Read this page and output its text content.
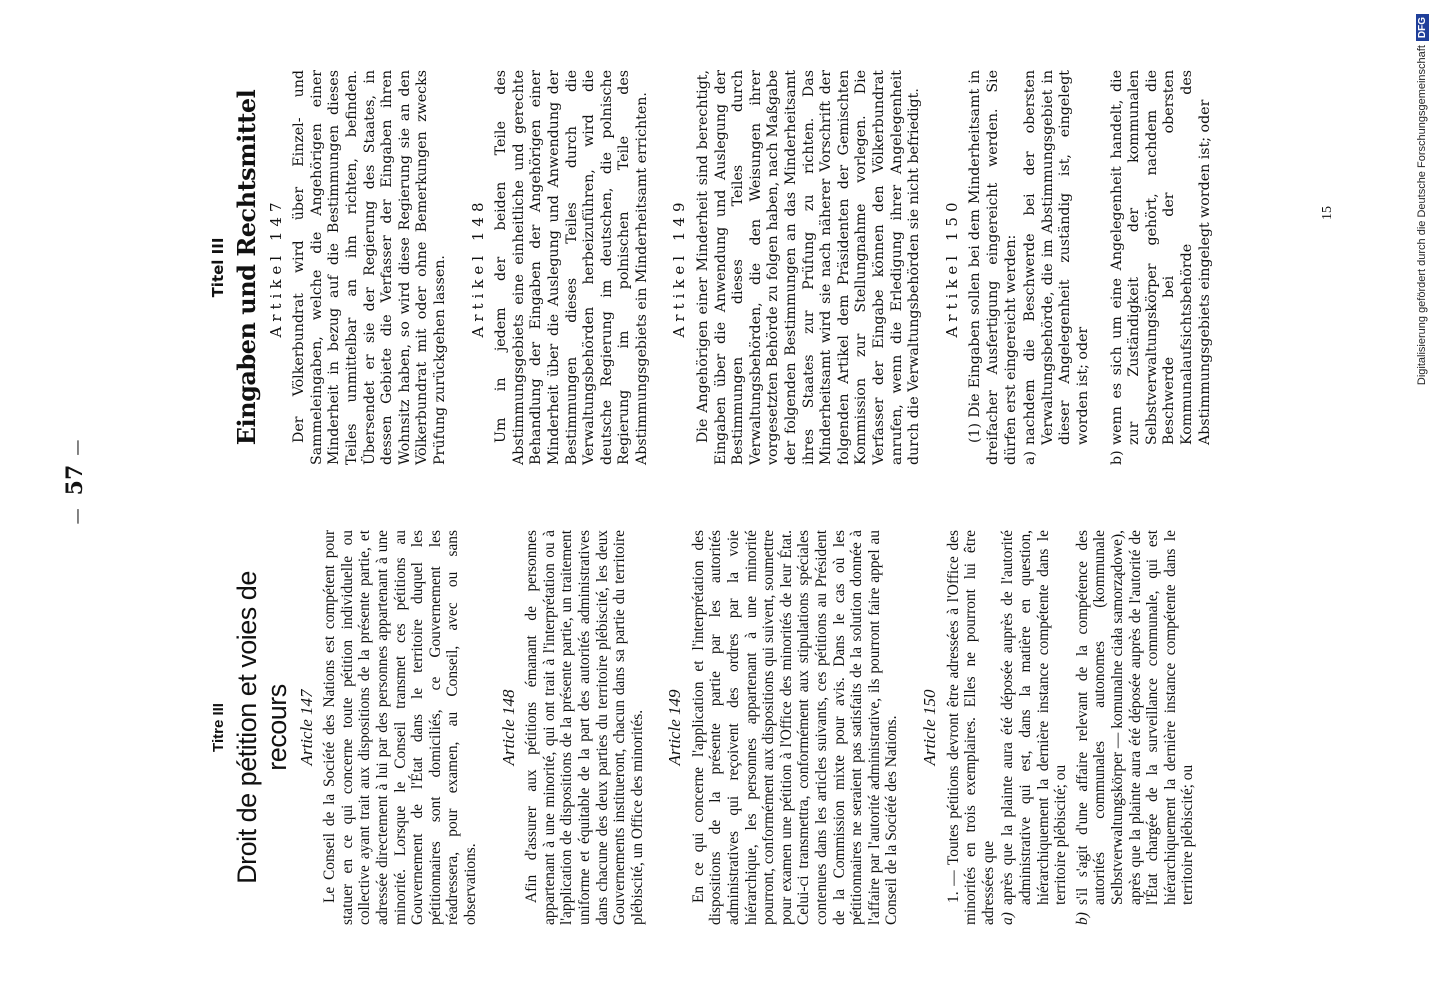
— 57 —
Titre III Droit de pétition et voies de recours Article 147 Le Conseil de la Société des Nations est compétent pour statuer en ce qui concerne toute pétition individuelle ou collective ayant trait aux dispositions de la présente partie, et adressée directement à lui par des personnes appartenant à une minorité. Lorsque le Conseil transmet ces pétitions au Gouvernement de l'État dans le territoire duquel les pétitionnaires sont domiciliés, ce Gouvernement les réadressera, pour examen, au Conseil, avec ou sans observations.

Article 148 Afin d'assurer aux pétitions émanant de personnes appartenant à une minorité, qui ont trait à l'interprétation ou à l'application de dispositions de la présente partie, un traitement uniforme et équitable de la part des autorités administratives dans chacune des deux parties du territoire plébiscité, les deux Gouvernements institueront, chacun dans sa partie du territoire plébiscité, un Office des minorités. Article 149 En ce qui concerne l'application et l'interprétation des dispositions de la présente partie par les autorités administratives qui reçoivent des ordres par la voie hiérarchique, les personnes appartenant à une minorité pourront, conformément aux dispositions qui suivent, soumettre pour examen une pétition à l'Office des minorités de leur État. Celui-ci transmettra, conformément aux stipulations spéciales contenues dans les articles suivants, ces pétitions au Président de la Commission mixte pour avis. Dans le cas où les pétitionnaires ne seraient pas satisfaits de la solution donnée à l'affaire par l'autorité administrative, ils pourront faire appel au Conseil de la Société des Nations. Article 150 1. — Toutes pétitions devront être adressées à l'Office des minorités en trois exemplaires. Elles ne pourront lui être adressées que a)
après que la plainte aura été déposée auprès de l'autorité administrative qui est, dans la matière en question, hiérarchiquement la dernière instance compétente dans le territoire plébiscité; ou
b)
s'il s'agit d'une affaire relevant de la compétence des autorités communales autonomes (kommunale Selbstverwaltungskörper — komunalne ciała samorządowe), après que la plainte aura été déposée auprès de l'autorité de l'État chargée de la surveillance communale, qui est hiérarchiquement la dernière instance compétente dans le territoire plébiscité; ou
Titel III Eingaben und Rechtsmittel Artikel 147 Der Völkerbundrat wird über Einzel- und Sammeleingaben, welche die Angehörigen einer Minderheit in bezug auf die Bestimmungen dieses Teiles unmittelbar an ihn richten, befinden. Übersendet er sie der Regierung des Staates, in dessen Gebiete die Verfasser der Eingaben ihren Wohnsitz haben, so wird diese Regierung sie an den Völkerbundrat mit oder ohne Bemerkungen zwecks Prüfung zurückgehen lassen. Artikel 148 Um in jedem der beiden Teile des Abstimmungsgebiets eine einheitliche und gerechte Behandlung der Eingaben der Angehörigen einer Minderheit über die Auslegung und Anwendung der Bestimmungen dieses Teiles durch die Verwaltungsbehörden herbeizuführen, wird die deutsche Regierung im deutschen, die polnische Regierung im polnischen Teile des Abstimmungsgebiets ein Minderheitsamt errichten. Artikel 149 Die Angehörigen einer Minderheit sind berechtigt, Eingaben über die Anwendung und Auslegung der Bestimmungen dieses Teiles durch Verwaltungsbehörden, die den Weisungen ihrer vorgesetzten Behörde zu folgen haben, nach Maßgabe der folgenden Bestimmungen an das Minderheitsamt ihres Staates zur Prüfung zu richten. Das Minderheitsamt wird sie nach näherer Vorschrift der folgenden Artikel dem Präsidenten der Gemischten Kommission zur Stellungnahme vorlegen. Die Verfasser der Eingabe können den Völkerbundrat anrufen, wenn die Erledigung ihrer Angelegenheit durch die Verwaltungsbehörden sie nicht befriedigt. Artikel 150 (1) Die Eingaben sollen bei dem Minderheitsamt in dreifacher Ausfertigung eingereicht werden. Sie dürfen erst eingereicht werden: a)
nachdem die Beschwerde bei der obersten Verwaltungsbehörde, die im Abstimmungsgebiet in dieser Angelegenheit zuständig ist, eingelegt worden ist; oder
b)
wenn es sich um eine Angelegenheit handelt, die zur Zuständigkeit der kommunalen Selbstverwaltungskörper gehört, nachdem die Beschwerde bei der obersten Kommunalaufsichtsbehörde des Abstimmungsgebiets eingelegt worden ist; oder	15	Digitalisierung gefördert durch die Deutsche Forschungsgemeinschaft
DFG
